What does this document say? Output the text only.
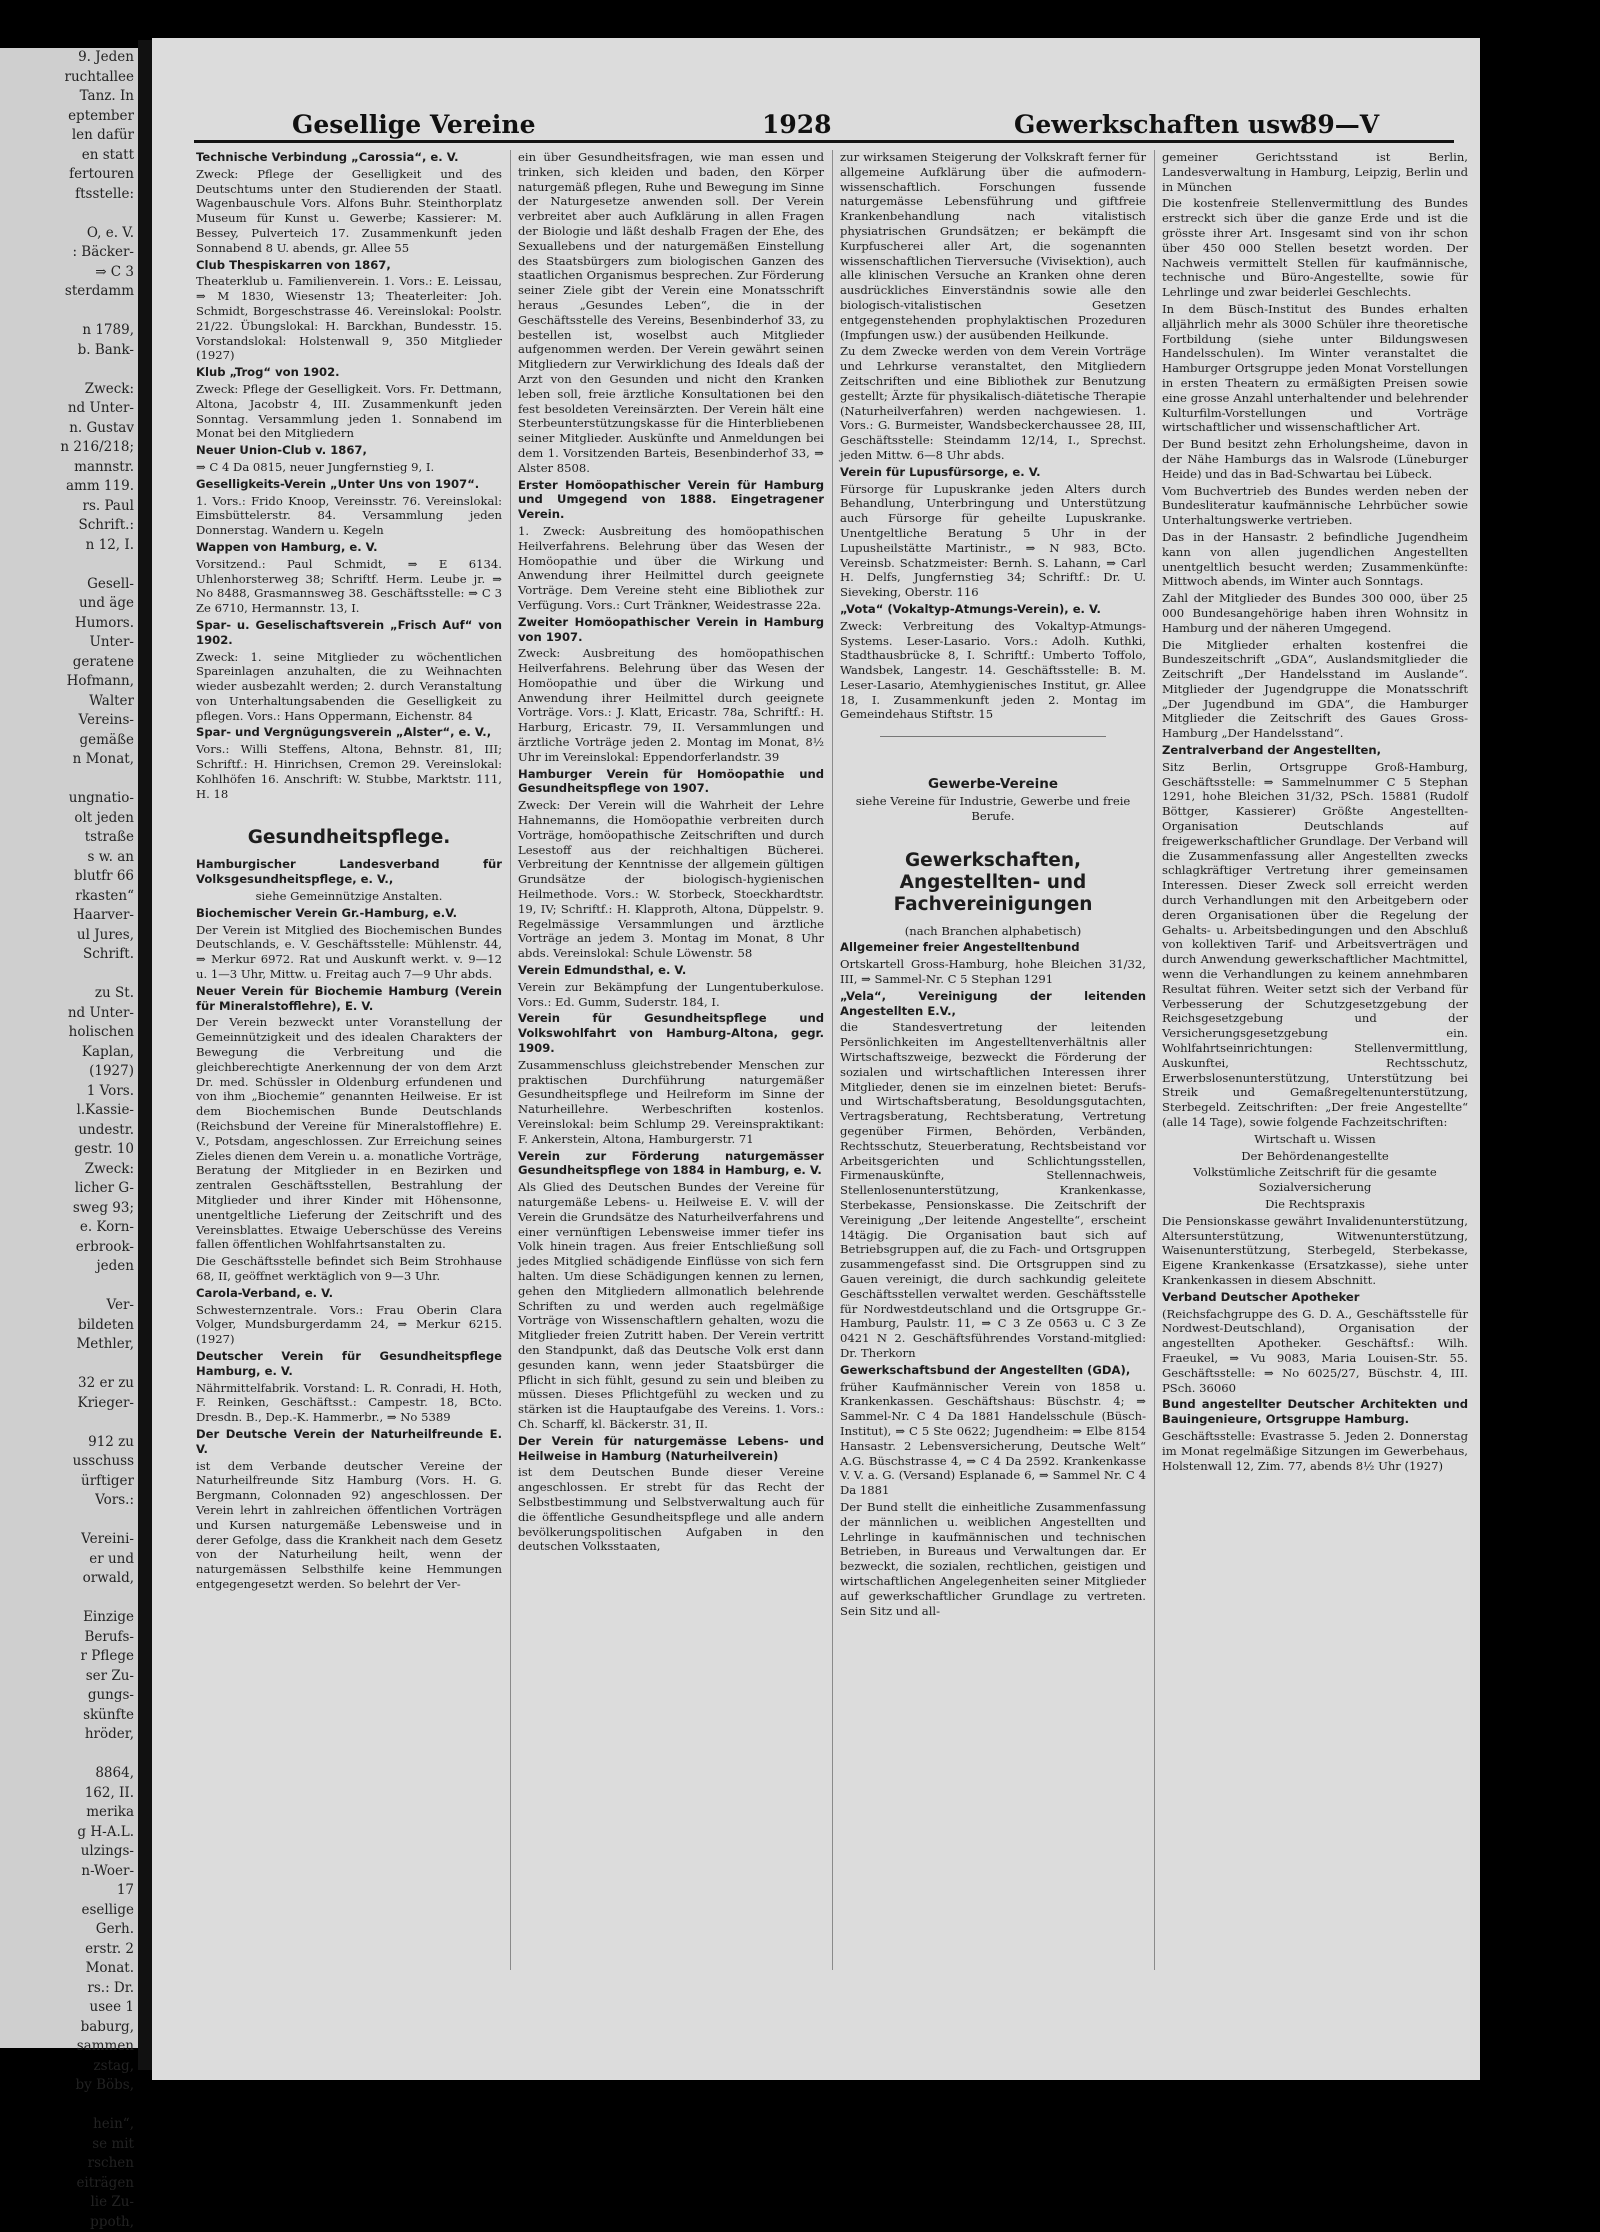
9. Jeden
ruchtallee
Tanz. In
eptember
len dafür
en statt
fertouren
ftsstelle:

O, e. V.
: Bäcker-
⇒ C 3
sterdamm

n 1789,
b. Bank-

Zweck:
nd Unter-
n. Gustav
n 216/218;
mannstr.
amm 119.
rs. Paul
Schrift.:
n 12, I.

Gesell-
und äge
Humors.
Unter-
geratene
Hofmann,
Walter
Vereins-
gemäße
n Monat,

ungnatio-
olt jeden
tstraße
s w. an
blutfr 66
rkasten“
Haarver-
ul Jures,
Schrift.

zu St.
nd Unter-
holischen
Kaplan,
(1927)
1 Vors.
l.Kassie-
undestr.
gestr. 10
Zweck:
licher G-
sweg 93;
e. Korn-
erbrook-
jeden

Ver-
bildeten
Methler,

32 er zu
Krieger-

912 zu
usschuss
ürftiger
Vors.:

Vereini-
er und
orwald,

Einzige
Berufs-
r Pflege
ser Zu-
gungs-
skünfte
hröder,

8864,
162, II.
merika
g H-A.L.
ulzings-
n-Woer-
17
esellige
Gerh.
erstr. 2
Monat.
rs.: Dr.
usee 1
baburg,
sammen
zstag,
by Böbs,

hein“,
se mit
rschen
eiträgen
lie Zu-
ppoth,
Gesellige Vereine	1928	Gewerkschaften usw.
89—V

Technische Verbindung „Carossia“, e. V.

Zweck: Pflege der Geselligkeit und des Deutschtums unter den Studierenden der Staatl. Wagenbauschule Vors. Alfons Buhr. Steinthorplatz Museum für Kunst u. Gewerbe; Kassierer: M. Bessey, Pulverteich 17. Zusammenkunft jeden Sonnabend 8 U. abends, gr. Allee 55

Club Thespiskarren von 1867,

Theaterklub u. Familienverein. 1. Vors.: E. Leissau, ⇒ M 1830, Wiesenstr 13; Theaterleiter: Joh. Schmidt, Borgeschstrasse 46. Vereinslokal: Poolstr. 21/22. Übungslokal: H. Barckhan, Bundesstr. 15. Vorstandslokal: Holstenwall 9, 350 Mitglieder (1927)

Klub „Trog“ von 1902.

Zweck: Pflege der Geselligkeit. Vors. Fr. Dettmann, Altona, Jacobstr 4, III. Zusammenkunft jeden Sonntag. Versammlung jeden 1. Sonnabend im Monat bei den Mitgliedern

Neuer Union-Club v. 1867,

⇒ C 4 Da 0815, neuer Jungfernstieg 9, I.

Geselligkeits-Verein „Unter Uns von 1907“.

1. Vors.: Frido Knoop, Vereinsstr. 76. Vereinslokal: Eimsbüttelerstr. 84. Versammlung jeden Donnerstag. Wandern u. Kegeln

Wappen von Hamburg, e. V.

Vorsitzend.: Paul Schmidt, ⇒ E 6134. Uhlenhorsterweg 38; Schriftf. Herm. Leube jr. ⇒ No 8488, Grasmannsweg 38. Geschäftsstelle: ⇒ C 3 Ze 6710, Hermannstr. 13, I.

Spar- u. Geselischaftsverein „Frisch Auf“ von 1902.

Zweck: 1. seine Mitglieder zu wöchentlichen Spareinlagen anzuhalten, die zu Weihnachten wieder ausbezahlt werden; 2. durch Veranstaltung von Unterhaltungsabenden die Geselligkeit zu pflegen. Vors.: Hans Oppermann, Eichenstr. 84

Spar- und Vergnügungsverein „Alster“, e. V.,

Vors.: Willi Steffens, Altona, Behnstr. 81, III; Schriftf.: H. Hinrichsen, Cremon 29. Vereinslokal: Kohlhöfen 16. Anschrift: W. Stubbe, Marktstr. 111, H. 18

Gesundheitspflege.

Hamburgischer Landesverband für Volksgesundheitspflege, e. V.,

siehe Gemeinnützige Anstalten.

Biochemischer Verein Gr.-Hamburg, e.V.

Der Verein ist Mitglied des Biochemischen Bundes Deutschlands, e. V. Geschäftsstelle: Mühlenstr. 44, ⇒ Merkur 6972. Rat und Auskunft werkt. v. 9—12 u. 1—3 Uhr, Mittw. u. Freitag auch 7—9 Uhr abds.

Neuer Verein für Biochemie Hamburg (Verein für Mineralstofflehre), E. V.

Der Verein bezweckt unter Voranstellung der Gemeinnützigkeit und des idealen Charakters der Bewegung die Verbreitung und die gleichberechtigte Anerkennung der von dem Arzt Dr. med. Schüssler in Oldenburg erfundenen und von ihm „Biochemie“ genannten Heilweise. Er ist dem Biochemischen Bunde Deutschlands (Reichsbund der Vereine für Mineralstofflehre) E. V., Potsdam, angeschlossen. Zur Erreichung seines Zieles dienen dem Verein u. a. monatliche Vorträge, Beratung der Mitglieder in en Bezirken und zentralen Geschäftsstellen, Bestrahlung der Mitglieder und ihrer Kinder mit Höhensonne, unentgeltliche Lieferung der Zeitschrift und des Vereinsblattes. Etwaige Ueberschüsse des Vereins fallen öffentlichen Wohlfahrtsanstalten zu.

Die Geschäftsstelle befindet sich Beim Strohhause 68, II, geöffnet werktäglich von 9—3 Uhr.

Carola-Verband, e. V.

Schwesternzentrale. Vors.: Frau Oberin Clara Volger, Mundsburgerdamm 24, ⇒ Merkur 6215. (1927)

Deutscher Verein für Gesundheitspflege Hamburg, e. V.

Nährmittelfabrik. Vorstand: L. R. Conradi, H. Hoth, F. Reinken, Geschäftsst.: Campestr. 18, BCto. Dresdn. B., Dep.-K. Hammerbr., ⇒ No 5389

Der Deutsche Verein der Naturheilfreunde E. V.

ist dem Verbande deutscher Vereine der Naturheilfreunde Sitz Hamburg (Vors. H. G. Bergmann, Colonnaden 92) angeschlossen. Der Verein lehrt in zahlreichen öffentlichen Vorträgen und Kursen naturgemäße Lebensweise und in derer Gefolge, dass die Krankheit nach dem Gesetz von der Naturheilung heilt, wenn der naturgemässen Selbsthilfe keine Hemmungen entgegengesetzt werden. So belehrt der Ver-

ein über Gesundheitsfragen, wie man essen und trinken, sich kleiden und baden, den Körper naturgemäß pflegen, Ruhe und Bewegung im Sinne der Naturgesetze anwenden soll. Der Verein verbreitet aber auch Aufklärung in allen Fragen der Biologie und läßt deshalb Fragen der Ehe, des Sexuallebens und der naturgemäßen Einstellung des Staatsbürgers zum biologischen Ganzen des staatlichen Organismus besprechen. Zur Förderung seiner Ziele gibt der Verein eine Monatsschrift heraus „Gesundes Leben“, die in der Geschäftsstelle des Vereins, Besenbinderhof 33, zu bestellen ist, woselbst auch Mitglieder aufgenommen werden. Der Verein gewährt seinen Mitgliedern zur Verwirklichung des Ideals daß der Arzt von den Gesunden und nicht den Kranken leben soll, freie ärztliche Konsultationen bei den fest besoldeten Vereinsärzten. Der Verein hält eine Sterbeunterstützungskasse für die Hinterbliebenen seiner Mitglieder. Auskünfte und Anmeldungen bei dem 1. Vorsitzenden Barteis, Besenbinderhof 33, ⇒ Alster 8508.

Erster Homöopathischer Verein für Hamburg und Umgegend von 1888. Eingetragener Verein.

1. Zweck: Ausbreitung des homöopathischen Heilverfahrens. Belehrung über das Wesen der Homöopathie und über die Wirkung und Anwendung ihrer Heilmittel durch geeignete Vorträge. Dem Vereine steht eine Bibliothek zur Verfügung. Vors.: Curt Tränkner, Weidestrasse 22a.

Zweiter Homöopathischer Verein in Hamburg von 1907.

Zweck: Ausbreitung des homöopathischen Heilverfahrens. Belehrung über das Wesen der Homöopathie und über die Wirkung und Anwendung ihrer Heilmittel durch geeignete Vorträge. Vors.: J. Klatt, Ericastr. 78a, Schriftf.: H. Harburg, Ericastr. 79, II. Versammlungen und ärztliche Vorträge jeden 2. Montag im Monat, 8½ Uhr im Vereinslokal: Eppendorferlandstr. 39

Hamburger Verein für Homöopathie und Gesundheitspflege von 1907.

Zweck: Der Verein will die Wahrheit der Lehre Hahnemanns, die Homöopathie verbreiten durch Vorträge, homöopathische Zeitschriften und durch Lesestoff aus der reichhaltigen Bücherei. Verbreitung der Kenntnisse der allgemein gültigen Grundsätze der biologisch-hygienischen Heilmethode. Vors.: W. Storbeck, Stoeckhardtstr. 19, IV; Schriftf.: H. Klapproth, Altona, Düppelstr. 9. Regelmässige Versammlungen und ärztliche Vorträge an jedem 3. Montag im Monat, 8 Uhr abds. Vereinslokal: Schule Löwenstr. 58

Verein Edmundsthal, e. V.

Verein zur Bekämpfung der Lungentuberkulose. Vors.: Ed. Gumm, Suderstr. 184, I.

Verein für Gesundheitspflege und Volkswohlfahrt von Hamburg-Altona, gegr. 1909.

Zusammenschluss gleichstrebender Menschen zur praktischen Durchführung naturgemäßer Gesundheitspflege und Heilreform im Sinne der Naturheillehre. Werbeschriften kostenlos. Vereinslokal: beim Schlump 29. Vereinspraktikant: F. Ankerstein, Altona, Hamburgerstr. 71

Verein zur Förderung naturgemässer Gesundheitspflege von 1884 in Hamburg, e. V.

Als Glied des Deutschen Bundes der Vereine für naturgemäße Lebens- u. Heilweise E. V. will der Verein die Grundsätze des Naturheilverfahrens und einer vernünftigen Lebensweise immer tiefer ins Volk hinein tragen. Aus freier Entschließung soll jedes Mitglied schädigende Einflüsse von sich fern halten. Um diese Schädigungen kennen zu lernen, gehen den Mitgliedern allmonatlich belehrende Schriften zu und werden auch regelmäßige Vorträge von Wissenschaftlern gehalten, wozu die Mitglieder freien Zutritt haben. Der Verein vertritt den Standpunkt, daß das Deutsche Volk erst dann gesunden kann, wenn jeder Staatsbürger die Pflicht in sich fühlt, gesund zu sein und bleiben zu müssen. Dieses Pflichtgefühl zu wecken und zu stärken ist die Hauptaufgabe des Vereins. 1. Vors.: Ch. Scharff, kl. Bäckerstr. 31, II.

Der Verein für naturgemässe Lebens- und Heilweise in Hamburg (Naturheilverein)

ist dem Deutschen Bunde dieser Vereine angeschlossen. Er strebt für das Recht der Selbstbestimmung und Selbstverwaltung auch für die öffentliche Gesundheitspflege und alle andern bevölkerungspolitischen Aufgaben in den deutschen Volksstaaten,

zur wirksamen Steigerung der Volkskraft ferner für allgemeine Aufklärung über die aufmodern-wissenschaftlich. Forschungen fussende naturgemässe Lebensführung und giftfreie Krankenbehandlung nach vitalistisch physiatrischen Grundsätzen; er bekämpft die Kurpfuscherei aller Art, die sogenannten wissenschaftlichen Tierversuche (Vivisektion), auch alle klinischen Versuche an Kranken ohne deren ausdrückliches Einverständnis sowie alle den biologisch-vitalistischen Gesetzen entgegenstehenden prophylaktischen Prozeduren (Impfungen usw.) der ausübenden Heilkunde.

Zu dem Zwecke werden von dem Verein Vorträge und Lehrkurse veranstaltet, den Mitgliedern Zeitschriften und eine Bibliothek zur Benutzung gestellt; Ärzte für physikalisch-diätetische Therapie (Naturheilverfahren) werden nachgewiesen. 1. Vors.: G. Burmeister, Wandsbeckerchaussee 28, III, Geschäftsstelle: Steindamm 12/14, I., Sprechst. jeden Mittw. 6—8 Uhr abds.

Verein für Lupusfürsorge, e. V.

Fürsorge für Lupuskranke jeden Alters durch Behandlung, Unterbringung und Unterstützung auch Fürsorge für geheilte Lupuskranke. Unentgeltliche Beratung 5 Uhr in der Lupusheilstätte Martinistr., ⇒ N 983, BCto. Vereinsb. Schatzmeister: Bernh. S. Lahann, ⇒ Carl H. Delfs, Jungfernstieg 34; Schriftf.: Dr. U. Sieveking, Oberstr. 116

„Vota“ (Vokaltyp-Atmungs-Verein), e. V.

Zweck: Verbreitung des Vokaltyp-Atmungs-Systems. Leser-Lasario. Vors.: Adolh. Kuthki, Stadthausbrücke 8, I. Schriftf.: Umberto Toffolo, Wandsbek, Langestr. 14. Geschäftsstelle: B. M. Leser-Lasario, Atemhygienisches Institut, gr. Allee 18, I. Zusammenkunft jeden 2. Montag im Gemeindehaus Stiftstr. 15

Gewerbe-Vereine

siehe Vereine für Industrie, Gewerbe und freie Berufe.

Gewerkschaften, Angestellten- und Fachvereinigungen

(nach Branchen alphabetisch)

Allgemeiner freier Angestelltenbund

Ortskartell Gross-Hamburg, hohe Bleichen 31/32, III, ⇒ Sammel-Nr. C 5 Stephan 1291

„Vela“, Vereinigung der leitenden Angestellten E.V.,

die Standesvertretung der leitenden Persönlichkeiten im Angestelltenverhältnis aller Wirtschaftszweige, bezweckt die Förderung der sozialen und wirtschaftlichen Interessen ihrer Mitglieder, denen sie im einzelnen bietet: Berufs- und Wirtschaftsberatung, Besoldungsgutachten, Vertragsberatung, Rechtsberatung, Vertretung gegenüber Firmen, Behörden, Verbänden, Rechtsschutz, Steuerberatung, Rechtsbeistand vor Arbeitsgerichten und Schlichtungsstellen, Firmenauskünfte, Stellennachweis, Stellenlosenunterstützung, Krankenkasse, Sterbekasse, Pensionskasse. Die Zeitschrift der Vereinigung „Der leitende Angestellte“, erscheint 14tägig. Die Organisation baut sich auf Betriebsgruppen auf, die zu Fach- und Ortsgruppen zusammengefasst sind. Die Ortsgruppen sind zu Gauen vereinigt, die durch sachkundig geleitete Geschäftsstellen verwaltet werden. Geschäftsstelle für Nordwestdeutschland und die Ortsgruppe Gr.-Hamburg, Paulstr. 11, ⇒ C 3 Ze 0563 u. C 3 Ze 0421 N 2. Geschäftsführendes Vorstand-mitglied: Dr. Therkorn

Gewerkschaftsbund der Angestellten (GDA),

früher Kaufmännischer Verein von 1858 u. Krankenkassen. Geschäftshaus: Büschstr. 4; ⇒ Sammel-Nr. C 4 Da 1881 Handelsschule (Büsch-Institut), ⇒ C 5 Ste 0622; Jugendheim: ⇒ Elbe 8154 Hansastr. 2 Lebensversicherung, Deutsche Welt“ A.G. Büschstrasse 4, ⇒ C 4 Da 2592. Krankenkasse V. V. a. G. (Versand) Esplanade 6, ⇒ Sammel Nr. C 4 Da 1881

Der Bund stellt die einheitliche Zusammenfassung der männlichen u. weiblichen Angestellten und Lehrlinge in kaufmännischen und technischen Betrieben, in Bureaus und Verwaltungen dar. Er bezweckt, die sozialen, rechtlichen, geistigen und wirtschaftlichen Angelegenheiten seiner Mitglieder auf gewerkschaftlicher Grundlage zu vertreten. Sein Sitz und all-

gemeiner Gerichtsstand ist Berlin, Landesverwaltung in Hamburg, Leipzig, Berlin und in München

Die kostenfreie Stellenvermittlung des Bundes erstreckt sich über die ganze Erde und ist die grösste ihrer Art. Insgesamt sind von ihr schon über 450 000 Stellen besetzt worden. Der Nachweis vermittelt Stellen für kaufmännische, technische und Büro-Angestellte, sowie für Lehrlinge und zwar beiderlei Geschlechts.

In dem Büsch-Institut des Bundes erhalten alljährlich mehr als 3000 Schüler ihre theoretische Fortbildung (siehe unter Bildungswesen Handelsschulen). Im Winter veranstaltet die Hamburger Ortsgruppe jeden Monat Vorstellungen in ersten Theatern zu ermäßigten Preisen sowie eine grosse Anzahl unterhaltender und belehrender Kulturfilm-Vorstellungen und Vorträge wirtschaftlicher und wissenschaftlicher Art.

Der Bund besitzt zehn Erholungsheime, davon in der Nähe Hamburgs das in Walsrode (Lüneburger Heide) und das in Bad-Schwartau bei Lübeck.

Vom Buchvertrieb des Bundes werden neben der Bundesliteratur kaufmännische Lehrbücher sowie Unterhaltungswerke vertrieben.

Das in der Hansastr. 2 befindliche Jugendheim kann von allen jugendlichen Angestellten unentgeltlich besucht werden; Zusammenkünfte: Mittwoch abends, im Winter auch Sonntags.

Zahl der Mitglieder des Bundes 300 000, über 25 000 Bundesangehörige haben ihren Wohnsitz in Hamburg und der näheren Umgegend.

Die Mitglieder erhalten kostenfrei die Bundeszeitschrift „GDA“, Auslandsmitglieder die Zeitschrift „Der Handelsstand im Auslande“. Mitglieder der Jugendgruppe die Monatsschrift „Der Jugendbund im GDA“, die Hamburger Mitglieder die Zeitschrift des Gaues Gross-Hamburg „Der Handelsstand“.

Zentralverband der Angestellten,

Sitz Berlin, Ortsgruppe Groß-Hamburg, Geschäftsstelle: ⇒ Sammelnummer C 5 Stephan 1291, hohe Bleichen 31/32, PSch. 15881 (Rudolf Böttger, Kassierer) Größte Angestellten-Organisation Deutschlands auf freigewerkschaftlicher Grundlage. Der Verband will die Zusammenfassung aller Angestellten zwecks schlagkräftiger Vertretung ihrer gemeinsamen Interessen. Dieser Zweck soll erreicht werden durch Verhandlungen mit den Arbeitgebern oder deren Organisationen über die Regelung der Gehalts- u. Arbeitsbedingungen und den Abschluß von kollektiven Tarif- und Arbeitsverträgen und durch Anwendung gewerkschaftlicher Machtmittel, wenn die Verhandlungen zu keinem annehmbaren Resultat führen. Weiter setzt sich der Verband für Verbesserung der Schutzgesetzgebung der Reichsgesetzgebung und der Versicherungsgesetzgebung ein. Wohlfahrtseinrichtungen: Stellenvermittlung, Auskunftei, Rechtsschutz, Erwerbslosenunterstützung, Unterstützung bei Streik und Gemaßregeltenunterstützung, Sterbegeld. Zeitschriften: „Der freie Angestellte“ (alle 14 Tage), sowie folgende Fachzeitschriften:

Wirtschaft u. Wissen

Der Behördenangestellte

Volkstümliche Zeitschrift für die gesamte Sozialversicherung

Die Rechtspraxis

Die Pensionskasse gewährt Invalidenunterstützung, Altersunterstützung, Witwenunterstützung, Waisenunterstützung, Sterbegeld, Sterbekasse, Eigene Krankenkasse (Ersatzkasse), siehe unter Krankenkassen in diesem Abschnitt.

Verband Deutscher Apotheker

(Reichsfachgruppe des G. D. A., Geschäftsstelle für Nordwest-Deutschland), Organisation der angestellten Apotheker. Geschäftsf.: Wilh. Fraeukel, ⇒ Vu 9083, Maria Louisen-Str. 55. Geschäftsstelle: ⇒ No 6025/27, Büschstr. 4, III. PSch. 36060

Bund angestellter Deutscher Architekten und Bauingenieure, Ortsgruppe Hamburg.

Geschäftsstelle: Evastrasse 5. Jeden 2. Donnerstag im Monat regelmäßige Sitzungen im Gewerbehaus, Holstenwall 12, Zim. 77, abends 8½ Uhr (1927)
